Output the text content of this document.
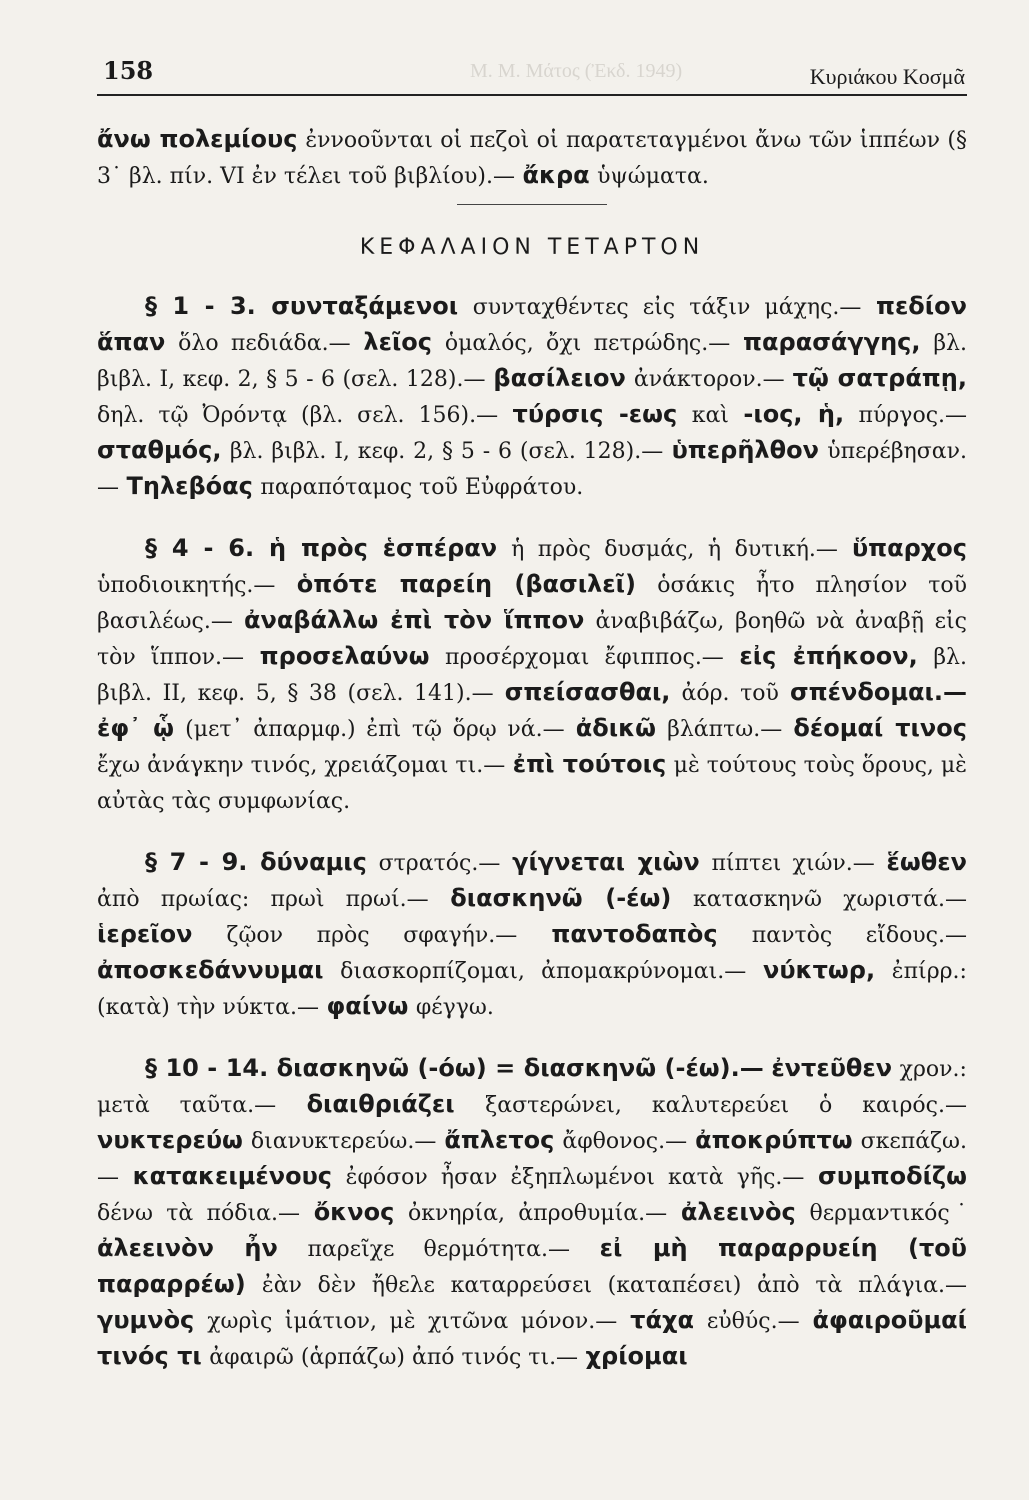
Μ. Μ. Μάτος (Ἐκδ. 1949)
158	Κυριάκου Κοσμᾶ

ἄνω πολεμίους ἐννοοῦνται οἱ πεζοὶ οἱ παρατεταγμένοι ἄνω τῶν ἱππέων (§ 3˙ βλ. πίν. VI ἐν τέλει τοῦ βιβλίου).— ἄκρα ὑψώματα.

ΚΕΦΑΛΑΙΟΝ ΤΕΤΑΡΤΟΝ

§ 1 - 3. συνταξάμενοι συνταχθέντες εἰς τάξιν μάχης.— πεδίον ἅπαν ὅλο πεδιάδα.— λεῖος ὁμαλός, ὄχι πετρώδης.— παρασάγγης, βλ. βιβλ. I, κεφ. 2, § 5 - 6 (σελ. 128).— βασίλειον ἀνάκτορον.— τῷ σατράπῃ, δηλ. τῷ Ὀρόντᾳ (βλ. σελ. 156).— τύρσις -εως καὶ -ιος, ἡ, πύργος.— σταθμός, βλ. βιβλ. I, κεφ. 2, § 5 - 6 (σελ. 128).— ὑπερῆλθον ὑπερέβησαν.— Τηλεβόας παραπόταμος τοῦ Εὐφράτου.

§ 4 - 6. ἡ πρὸς ἑσπέραν ἡ πρὸς δυσμάς, ἡ δυτική.— ὕπαρχος ὑποδιοικητής.— ὁπότε παρείη (βασιλεῖ) ὁσάκις ἦτο πλησίον τοῦ βασιλέως.— ἀναβάλλω ἐπὶ τὸν ἵππον ἀναβιβάζω, βοηθῶ νὰ ἀναβῇ εἰς τὸν ἵππον.— προσελαύνω προσέρχομαι ἔφιππος.— εἰς ἐπήκοον, βλ. βιβλ. II, κεφ. 5, § 38 (σελ. 141).— σπείσασθαι, ἀόρ. τοῦ σπένδομαι.— ἐφ᾿ ᾧ (μετ᾿ ἀπαρμφ.) ἐπὶ τῷ ὅρῳ νά.— ἀδικῶ βλάπτω.— δέομαί τινος ἔχω ἀνάγκην τινός, χρειάζομαι τι.— ἐπὶ τούτοις μὲ τούτους τοὺς ὅρους, μὲ αὐτὰς τὰς συμφωνίας.

§ 7 - 9. δύναμις στρατός.— γίγνεται χιὼν πίπτει χιών.— ἕωθεν ἀπὸ πρωίας: πρωὶ πρωί.— διασκηνῶ (-έω) κατασκηνῶ χωριστά.— ἱερεῖον ζῷον πρὸς σφαγήν.— παντοδαπὸς παντὸς εἴδους.— ἀποσκεδάννυμαι διασκορπίζομαι, ἀπομακρύνομαι.— νύκτωρ, ἐπίρρ.: (κατὰ) τὴν νύκτα.— φαίνω φέγγω.

§ 10 - 14. διασκηνῶ (-όω) = διασκηνῶ (-έω).— ἐντεῦθεν χρον.: μετὰ ταῦτα.— διαιθριάζει ξαστερώνει, καλυτερεύει ὁ καιρός.— νυκτερεύω διανυκτερεύω.— ἄπλετος ἄφθονος.— ἀποκρύπτω σκεπάζω.— κατακειμένους ἐφόσον ἦσαν ἐξηπλωμένοι κατὰ γῆς.— συμποδίζω δένω τὰ πόδια.— ὄκνος ὀκνηρία, ἀπροθυμία.— ἀλεεινὸς θερμαντικός˙ ἀλεεινὸν ἦν παρεῖχε θερμότητα.— εἰ μὴ παραρρυείη (τοῦ παραρρέω) ἐὰν δὲν ἤθελε καταρρεύσει (καταπέσει) ἀπὸ τὰ πλάγια.— γυμνὸς χωρὶς ἱμάτιον, μὲ χιτῶνα μόνον.— τάχα εὐθύς.— ἀφαιροῦμαί τινός τι ἀφαιρῶ (ἁρπάζω) ἀπό τινός τι.— χρίομαι
